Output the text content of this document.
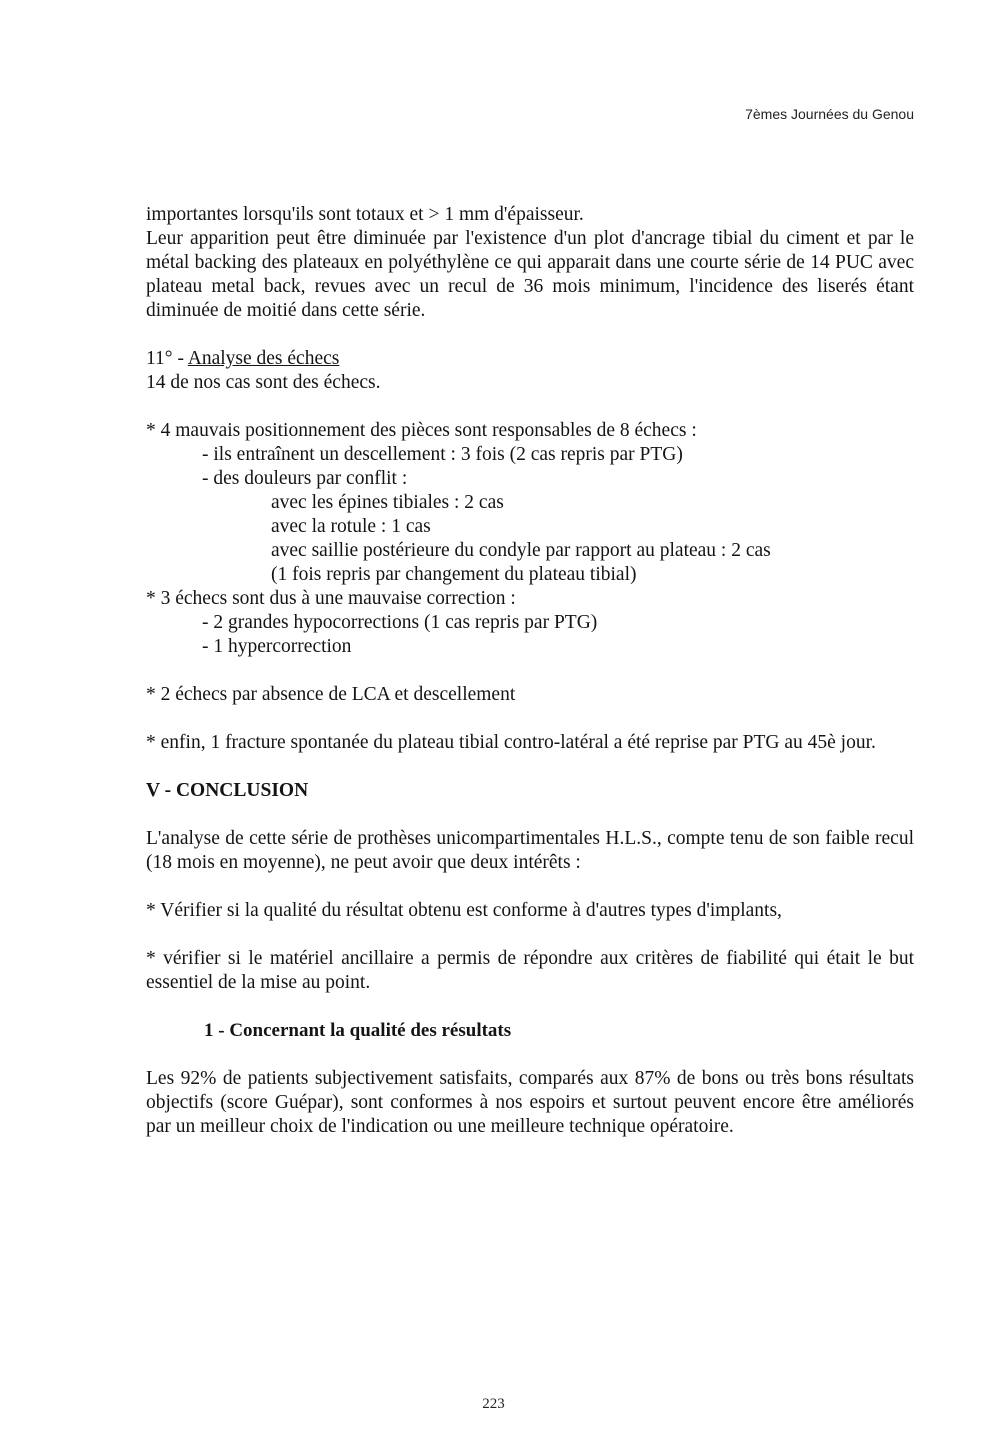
7èmes Journées du Genou

importantes lorsqu'ils sont totaux et > 1 mm d'épaisseur.

Leur apparition peut être diminuée par l'existence d'un plot d'ancrage tibial du ciment et par le métal backing des plateaux en polyéthylène ce qui apparait dans une courte série de 14 PUC avec plateau metal back, revues avec un recul de 36 mois minimum, l'incidence des liserés étant diminuée de moitié dans cette série.

11° - Analyse des échecs

14 de nos cas sont des échecs.

* 4 mauvais positionnement des pièces sont responsables de 8 échecs :

- ils entraînent un descellement : 3 fois (2 cas repris par PTG)

- des douleurs par conflit :

avec les épines tibiales : 2 cas

avec la rotule : 1 cas

avec saillie postérieure du condyle par rapport au plateau : 2 cas

(1 fois repris par changement du plateau tibial)

* 3 échecs sont dus à une mauvaise correction :

- 2 grandes hypocorrections (1 cas repris par PTG)

- 1 hypercorrection

* 2 échecs par absence de LCA et descellement

* enfin, 1 fracture spontanée du plateau tibial contro-latéral a été reprise par PTG au 45è jour.

V - CONCLUSION

L'analyse de cette série de prothèses unicompartimentales H.L.S., compte tenu de son faible recul (18 mois en moyenne), ne peut avoir que deux intérêts :

* Vérifier si la qualité du résultat obtenu est conforme à d'autres types d'implants,

* vérifier si le matériel ancillaire a permis de répondre aux critères de fiabilité qui était le but essentiel de la mise au point.

1 - Concernant la qualité des résultats

Les 92% de patients subjectivement satisfaits, comparés aux 87% de bons ou très bons résultats objectifs (score Guépar), sont conformes à nos espoirs et surtout peuvent encore être améliorés par un meilleur choix de l'indication ou une meilleure technique opératoire.

223
